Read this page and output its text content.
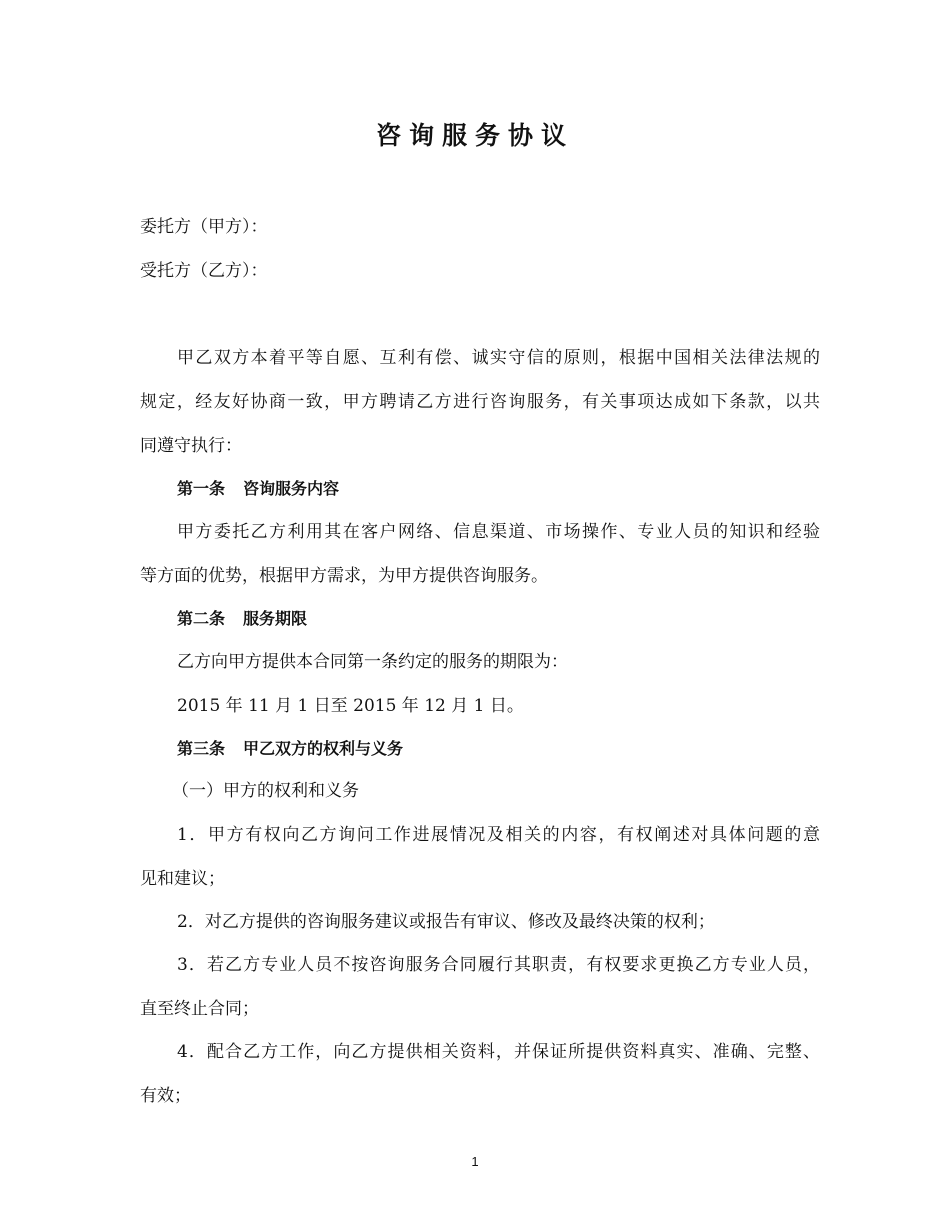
咨询服务协议
委托方（甲方）：
受托方（乙方）：
甲乙双方本着平等自愿、互利有偿、诚实守信的原则，根据中国相关法律法规的
规定，经友好协商一致，甲方聘请乙方进行咨询服务，有关事项达成如下条款，以共
同遵守执行：
第一条 咨询服务内容
甲方委托乙方利用其在客户网络、信息渠道、市场操作、专业人员的知识和经验
等方面的优势，根据甲方需求，为甲方提供咨询服务。
第二条 服务期限
乙方向甲方提供本合同第一条约定的服务的期限为：
2015 年 11 月 1 日至 2015 年 12 月 1 日。
第三条 甲乙双方的权利与义务
（一）甲方的权利和义务
1．甲方有权向乙方询问工作进展情况及相关的内容，有权阐述对具体问题的意
见和建议；
2．对乙方提供的咨询服务建议或报告有审议、修改及最终决策的权利；
3．若乙方专业人员不按咨询服务合同履行其职责，有权要求更换乙方专业人员，
直至终止合同；
4．配合乙方工作，向乙方提供相关资料，并保证所提供资料真实、准确、完整、
有效；
1
